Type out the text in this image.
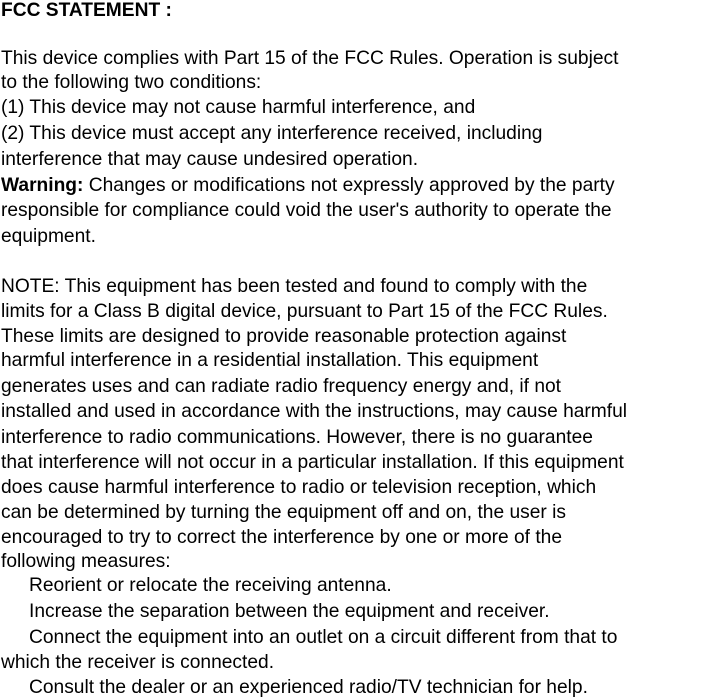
FCC STATEMENT :
This device complies with Part 15 of the FCC Rules. Operation is subject
to the following two conditions:
(1) This device may not cause harmful interference, and
(2) This device must accept any interference received, including
interference that may cause undesired operation.
Warning: Changes or modifications not expressly approved by the party
responsible for compliance could void the user's authority to operate the
equipment.
NOTE: This equipment has been tested and found to comply with the
limits for a Class B digital device, pursuant to Part 15 of the FCC Rules.
These limits are designed to provide reasonable protection against
harmful interference in a residential installation. This equipment
generates uses and can radiate radio frequency energy and, if not
installed and used in accordance with the instructions, may cause harmful
interference to radio communications. However, there is no guarantee
that interference will not occur in a particular installation. If this equipment
does cause harmful interference to radio or television reception, which
can be determined by turning the equipment off and on, the user is
encouraged to try to correct the interference by one or more of the
following measures:
Reorient or relocate the receiving antenna.
Increase the separation between the equipment and receiver.
Connect the equipment into an outlet on a circuit different from that to
which the receiver is connected.
Consult the dealer or an experienced radio/TV technician for help.
